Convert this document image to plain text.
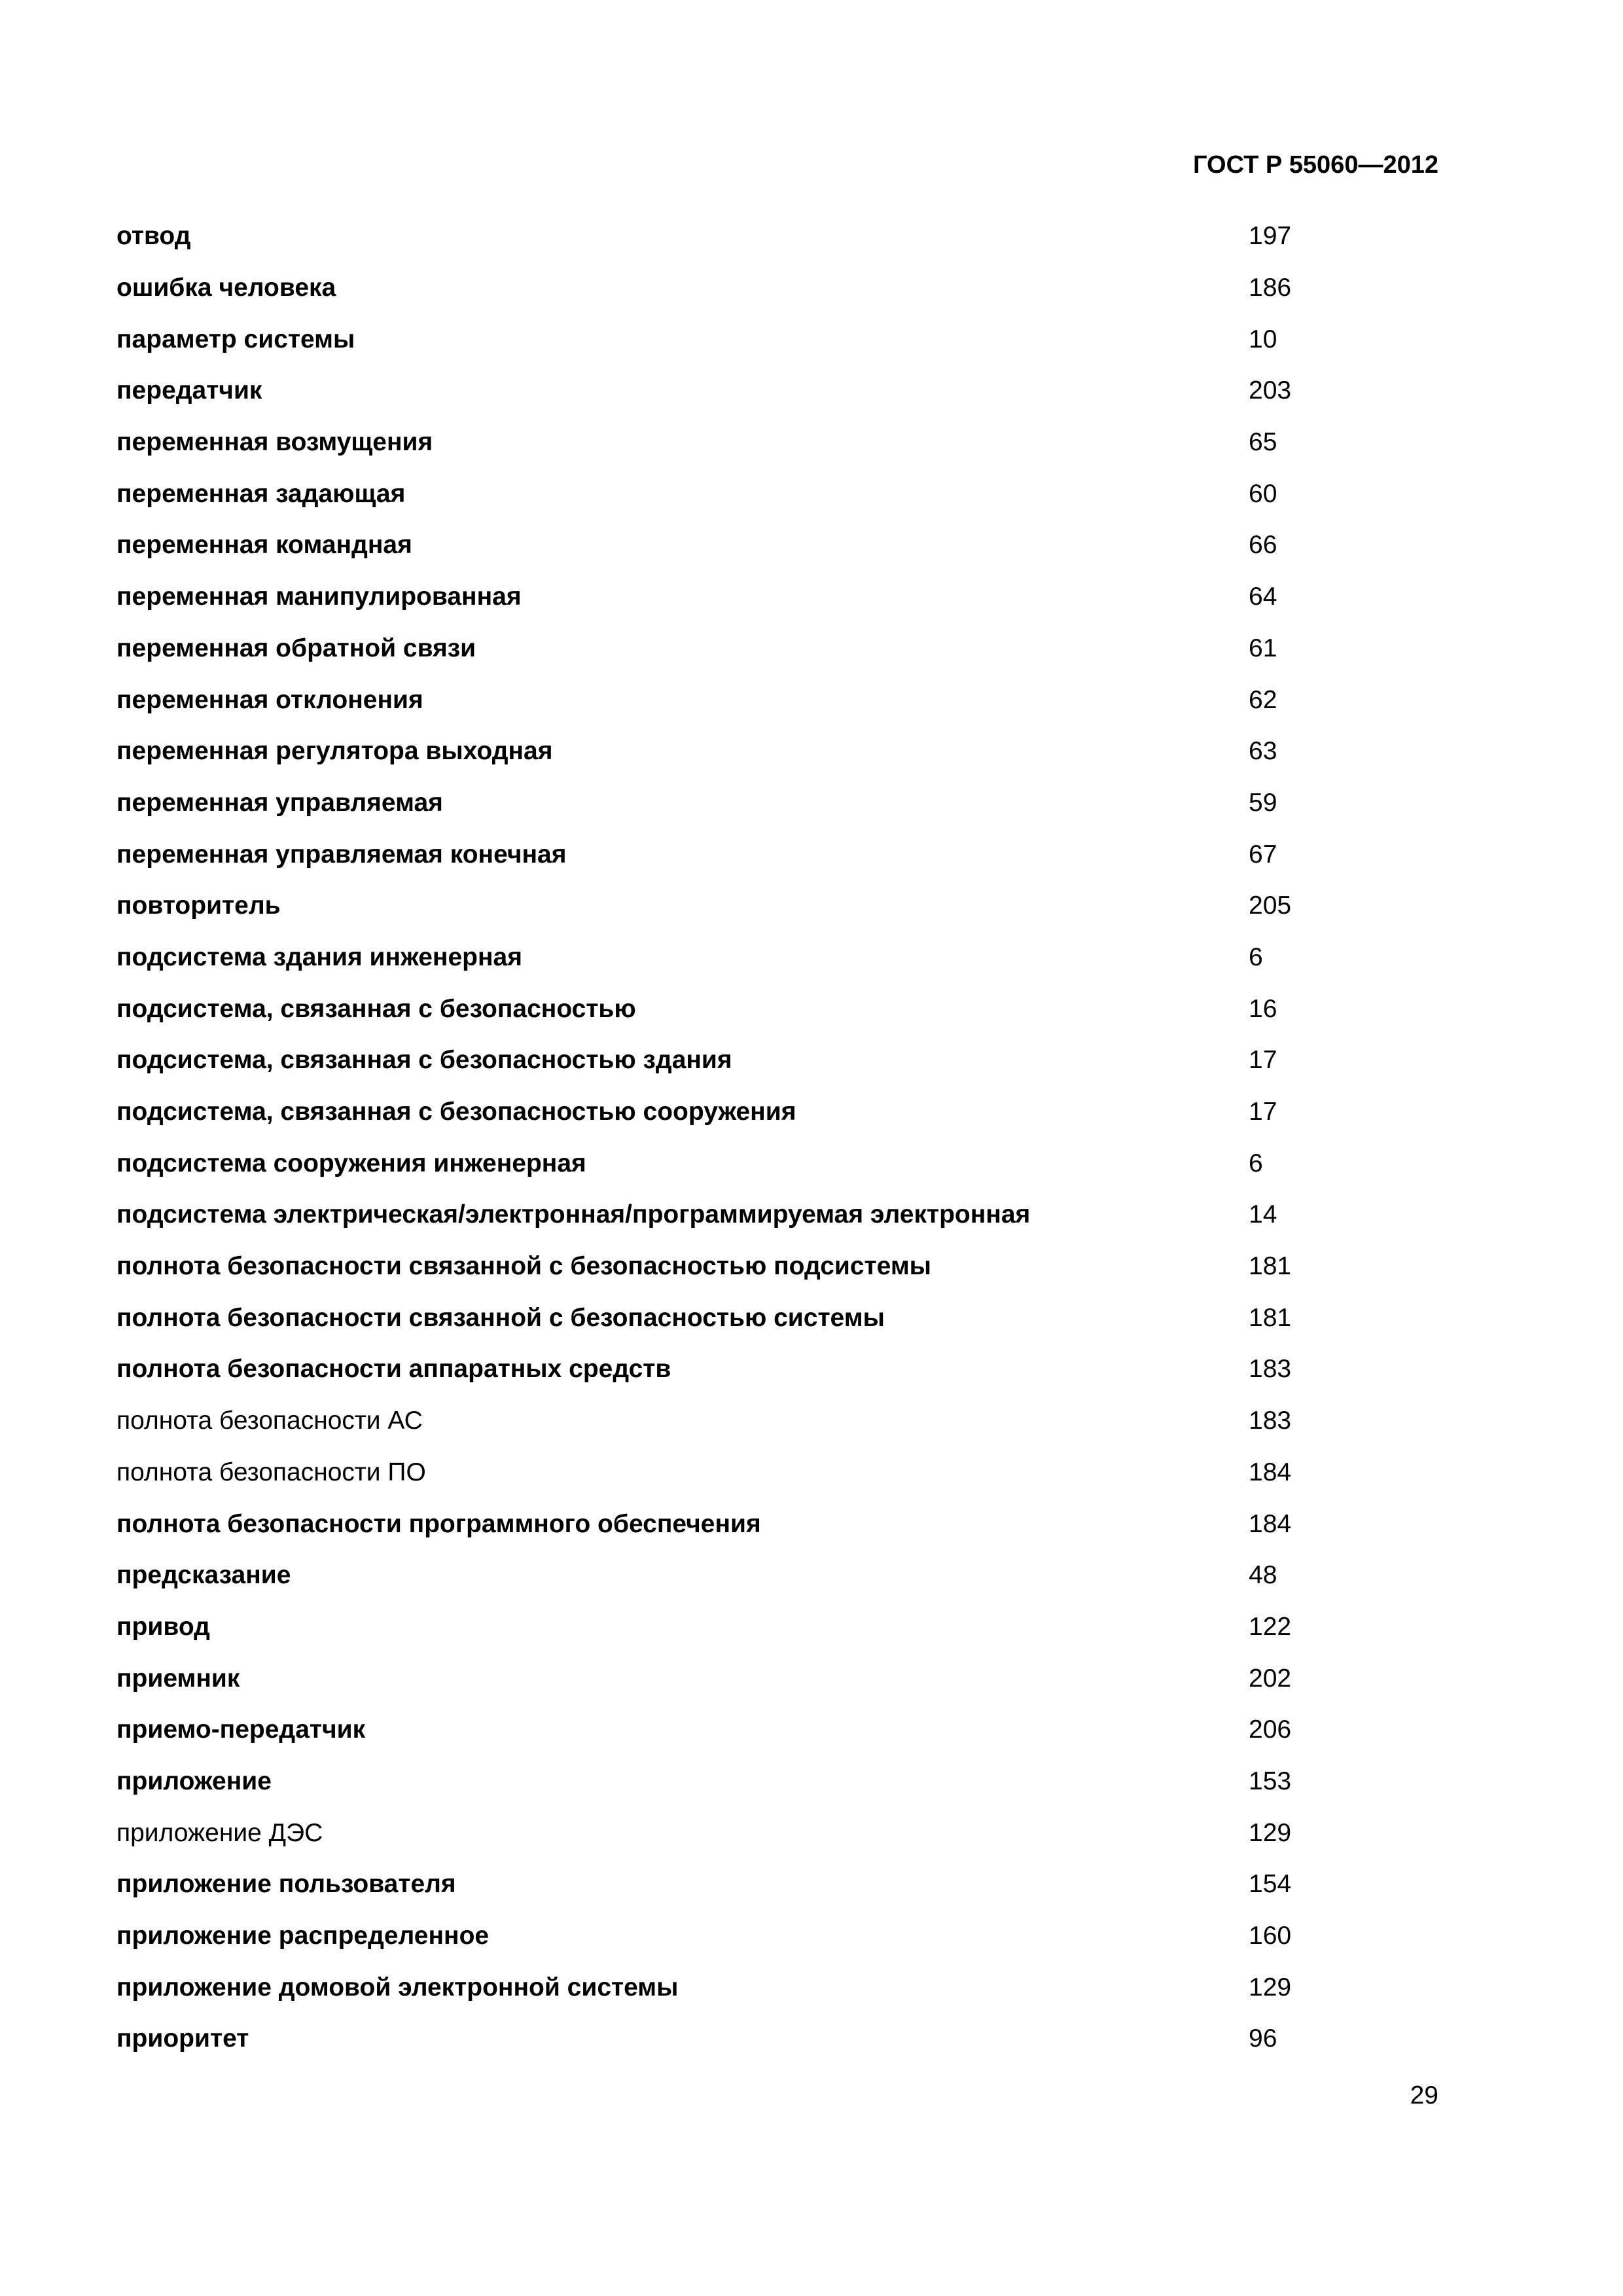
ГОСТ Р 55060—2012
отвод	197
ошибка человека	186
параметр системы	10
передатчик	203
переменная возмущения	65
переменная задающая	60
переменная командная	66
переменная манипулированная	64
переменная обратной связи	61
переменная отклонения	62
переменная регулятора выходная	63
переменная управляемая	59
переменная управляемая конечная	67
повторитель	205
подсистема здания инженерная	6
подсистема, связанная с безопасностью	16
подсистема, связанная с безопасностью здания	17
подсистема, связанная с безопасностью сооружения	17
подсистема сооружения инженерная	6
подсистема электрическая/электронная/программируемая электронная	14
полнота безопасности связанной с безопасностью подсистемы	181
полнота безопасности связанной с безопасностью системы	181
полнота безопасности аппаратных средств	183
полнота безопасности АС	183
полнота безопасности ПО	184
полнота безопасности программного обеспечения	184
предсказание	48
привод	122
приемник	202
приемо-передатчик	206
приложение	153
приложение ДЭС	129
приложение пользователя	154
приложение распределенное	160
приложение домовой электронной системы	129
приоритет	96
29
